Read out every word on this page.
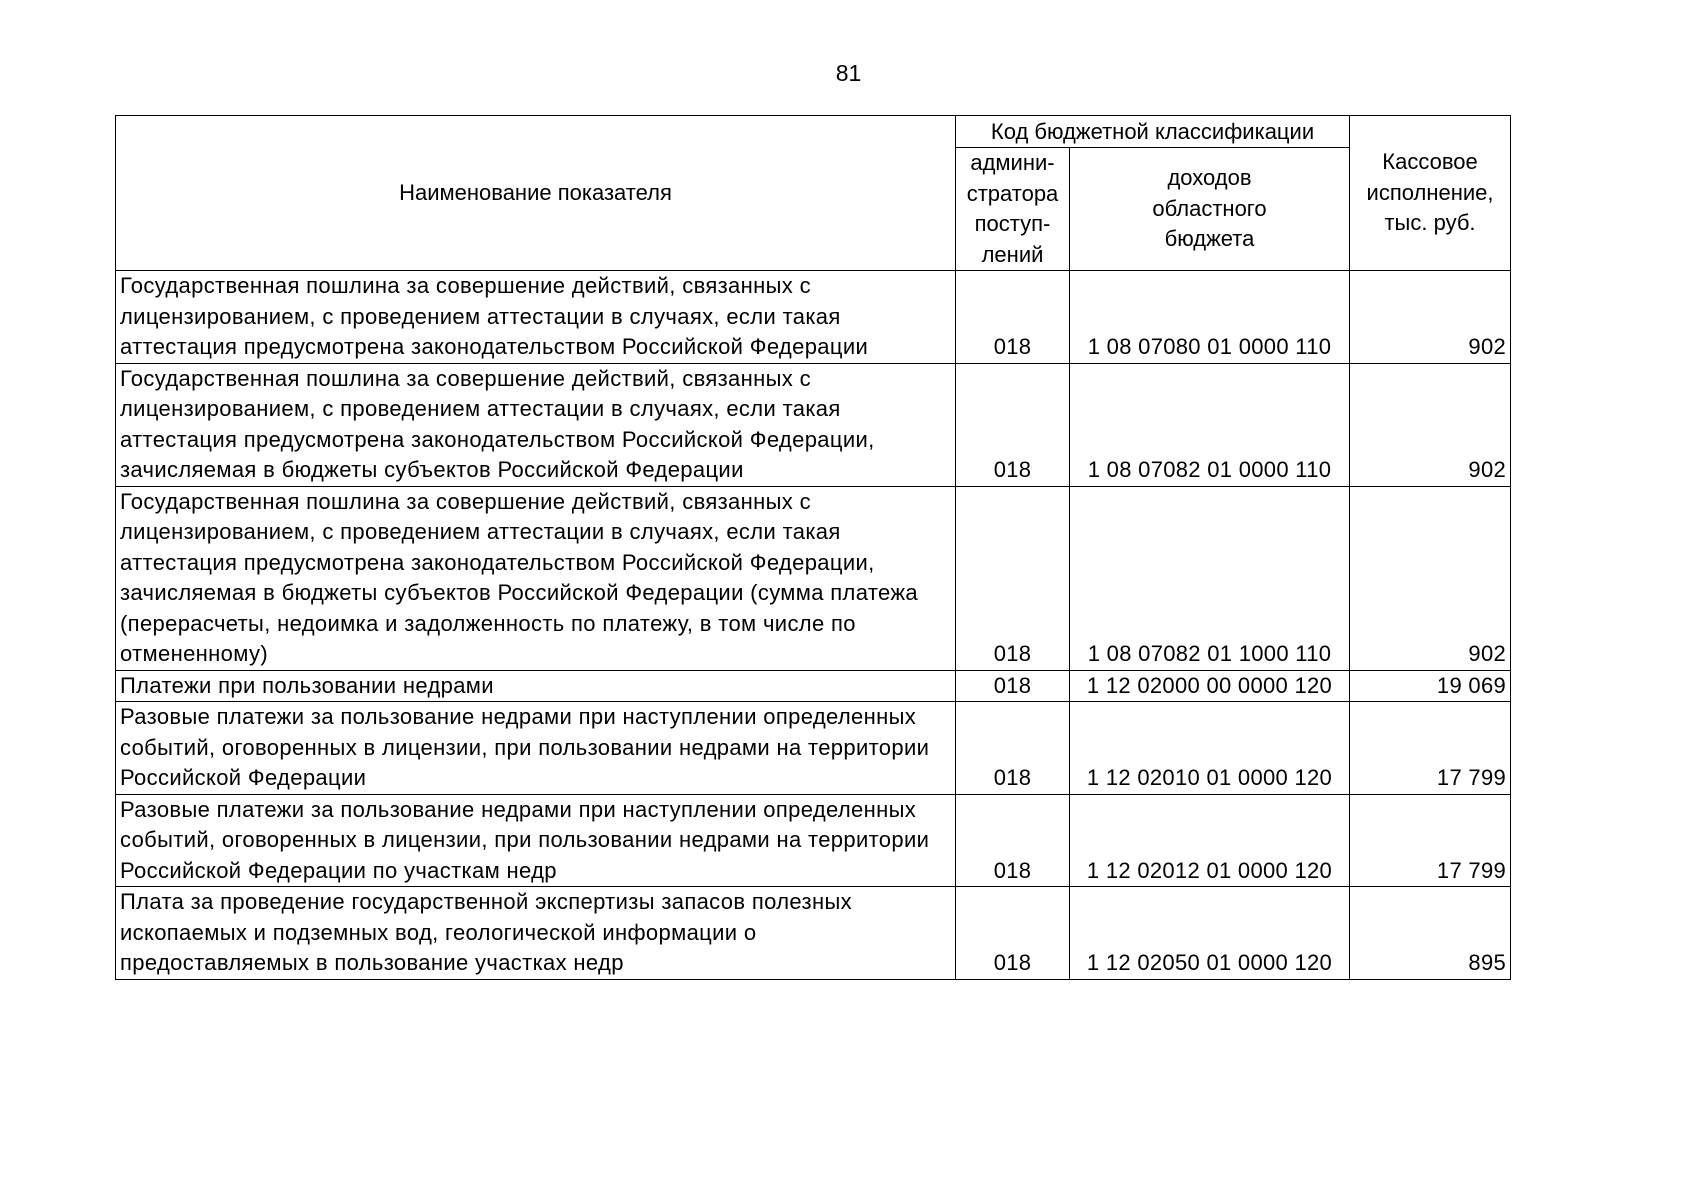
81
Наименование показателя	Код бюджетной классификации		Кассовое
исполнение,
тыс. руб.

	админи-
стратора
поступ-
лений	доходов
областного
бюджета	

Государственная пошлина за совершение действий, связанных с лицензированием, с проведением аттестации в случаях, если такая аттестация предусмотрена законодательством Российской Федерации	018	1 08 07080 01 0000 110	902
Государственная пошлина за совершение действий, связанных с лицензированием, с проведением аттестации в случаях, если такая аттестация предусмотрена законодательством Российской Федерации, зачисляемая в бюджеты субъектов Российской Федерации	018	1 08 07082 01 0000 110	902
Государственная пошлина за совершение действий, связанных с лицензированием, с проведением аттестации в случаях, если такая аттестация предусмотрена законодательством Российской Федерации, зачисляемая в бюджеты субъектов Российской Федерации (сумма платежа (перерасчеты, недоимка и задолженность по платежу, в том числе по отмененному)	018	1 08 07082 01 1000 110	902
Платежи при пользовании недрами	018	1 12 02000 00 0000 120	19 069
Разовые платежи за пользование недрами при наступлении определенных событий, оговоренных в лицензии, при пользовании недрами на территории Российской Федерации	018	1 12 02010 01 0000 120	17 799
Разовые платежи за пользование недрами при наступлении определенных событий, оговоренных в лицензии, при пользовании недрами на территории Российской Федерации по участкам недр	018	1 12 02012 01 0000 120	17 799
Плата за проведение государственной экспертизы запасов полезных ископаемых и подземных вод, геологической информации о предоставляемых в пользование участках недр	018	1 12 02050 01 0000 120	895
